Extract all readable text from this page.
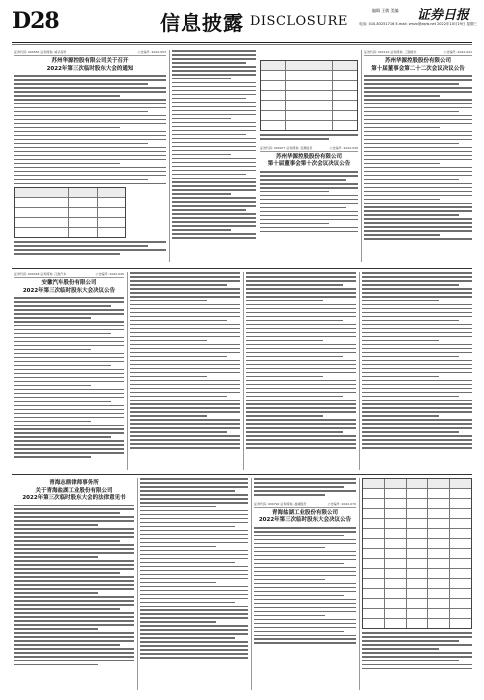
D28	信息披露 DISCLOSURE
编辑 王敏 美编 证券日报
电话: 010-83251716 E-mail: zmzx@zqrb.net 2022年10月19日 星期三
证券代码: 000581 证券简称: 威孚高科	公告编号: 2022-053
苏州华源控股有限公司关于召开
2022年第三次临时股东大会的通知
证券代码: 000977 证券简称: 浪潮信息	公告编号: 2022-036
苏州华源控股股份有限公司
第十届董事会第十次会议决议公告
证券代码: 002110 证券简称: 三钢闽光	公告编号: 2022-041
苏州华源控股股份有限公司
第十届董事会第二十二次会议决议公告
证券代码: 600418 证券简称: 江淮汽车	公告编号: 2022-045
安徽汽车股份有限公司
2022年第三次临时股东大会决议公告
青海志鼎律师事务所
关于青海盐湖工业股份有限公司
2022年第三次临时股东大会的法律意见书
证券代码: 000792 证券简称: 盐湖股份	公告编号: 2022-070
青海盐湖工业股份有限公司
2022年第三次临时股东大会决议公告
